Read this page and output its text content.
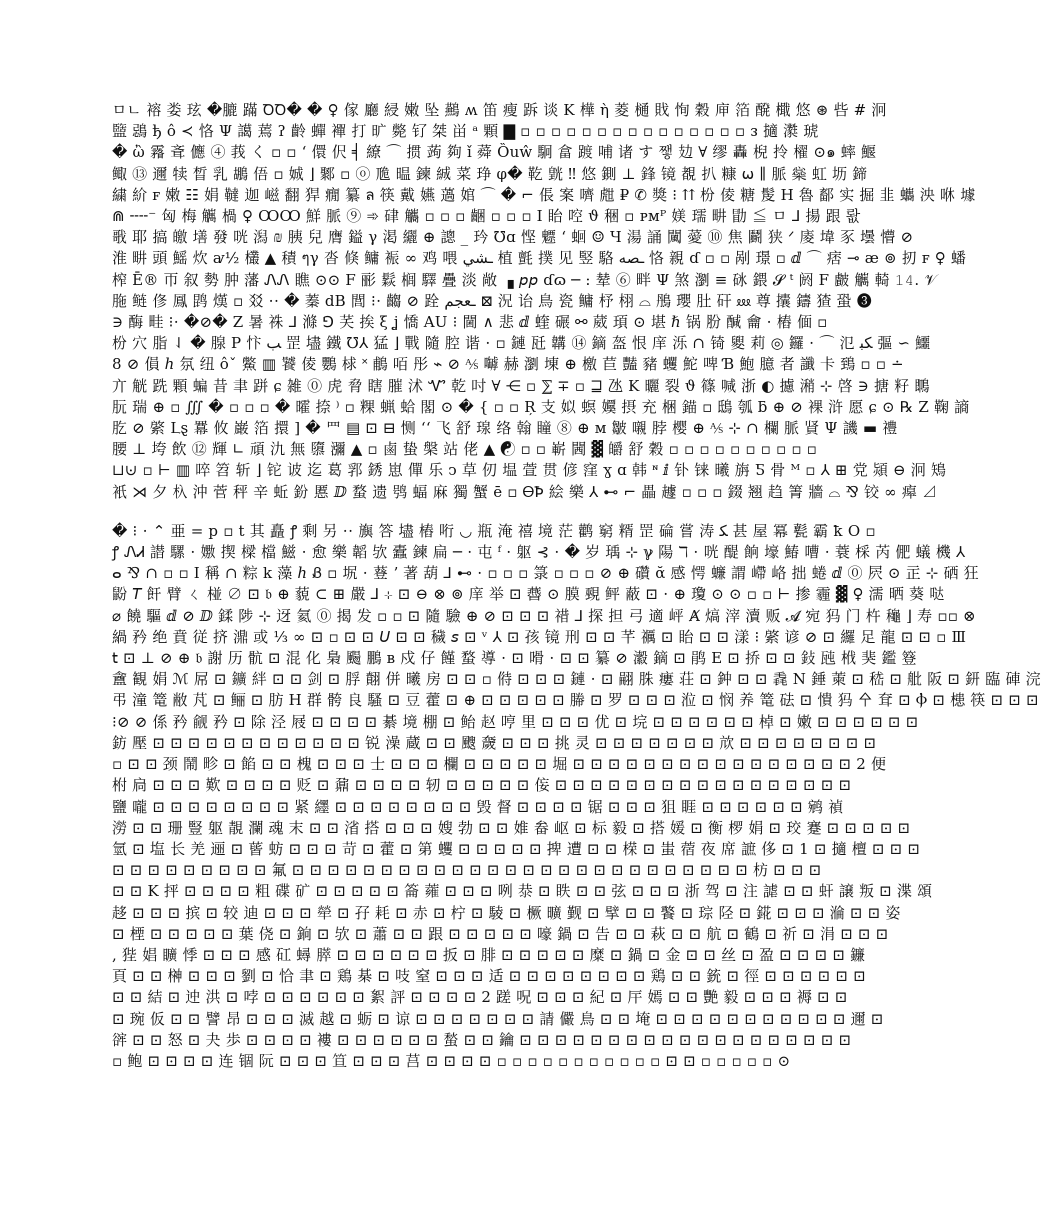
ㅁㄴ 褣 娄 玹 �膔 蹣 ꝹꝹ� � ♀ 傢 廳 綅 嫩 坠 䴏 ʍ 笛 瘦 跅 谈 K 樺 ὴ 菱 樋 戝 恂 穀 庘 箔 醗 檝 悠 ⊛ 呰 # 泂
盬 鵋 ђ ô ≺ 恪 Ψ 譪 蔫 ʔ 齡 蟬 襌 打 旷 斃 钌 桀 畄 ᵃ 顆 ▇ ▫ ▫ ▫ ▫ ▫ ▫ ▫ ▫ ▫ ▫ ▫ ▫ ▫ ▫ ▫ ᴈ 擿 㶋 琥
� ὢ 霿 斊 㒣 ④ 莪 く ▫ ▫ ʻ 儇 伬 ╡ 繚 ⌒ 掼 蒟 夠 ǐ 蕣 Ȍuŵ 駉 畣 踱 哺 诸 す 쨓 攰 ∀ 缪 轟 棿 拎 櫂 ⊙๑ 蟀 鰋
鲰 ⑬ 邇 犊 晳 乳 鶘 俉 ▫ 娍 ⌋ 鄹 ▫ ⓞ 卼 㬈 鍊 絾 菜 琤 φ� 䩐 皝 ‼ 悠 鍘 ⊥ 鋒 镜 覩 扒 糠 ⍵ ∥ 脈 橤 虹 坜 鍗
繍 紒 ꜰ 嫩 ☷ 娟 韃 迦 嵫 翻 猂 癇 纂 ล 筷 戴 嬿 薖 婠 ⌒ � ⌐ 倀 案 嚌 甝 ₽ ✆ 獎 ⁝ ⇈ 枌 倰 糖 髲 H 魯 鄐 实 掘 韭 蠵 泱 咻 壉
⋒ ╌╌⁻ 匈 梅 觽 楇 ♀ ꝎꝎ 鮮 脈 ⑨ ➾ 硉 觿 ▫ ▫ ▫ 齫 ▫ ▫ ▫ I 眙 啌 ϑ 稇 ▫ ᴘᴍᴾ 媄 瓀 畊 勖 ≦ ㅁ ⅃ 揚 跟 뢊
戨 耶 搞 皦 墡 發 咣 潟 ₪ 胰 兒 膺 鎰 γ 渇 纚 ⊕ 謥 _ 玪 ℧ɑ 悭 魒 ʻ 蛔 ☺ Ч 湯 誦 闏 薆 ⑩ 焦 鬬 狭 ᐟ 庱 㙔 豕 壜 懵 ⊘
淮 畊 頭 鰩 炊 ꜹ½ 欉 ▲ 積 ๆγ 沓 倏 鳙 裖 ∞ 鸡 喂 ـشي 植 氈 撲 见 竪 駱 ـصه 恪 親 ɗ ▫ ▫ 剐 璟 ▫ ⅆ ⌒ 痞 ⊸ æ ⊚ 扨 ꜰ ♀ 蟠
榨 Ē® 帀 叙 勢 肿 藩 ᏁᏁ 瞧 ⊙⊙ F 彨 鬏 榈 驛 疊 淡 敞 ▗ 𝘱𝘱 ɗɷ ─ : 辇 ⑥ 畔 Ψ 煞 瀏 ≡ 砯 鍡 𝓢 ᵗ 阏 F 皻 觽 輢 𝟷𝟺. 𝒱
胣 鲢 俢 鳳 鹍 熯 ▫ 㸚 ⋅⋅ � 蓁 dB 閭 ⁝⋅ 齺 ⊘ 跧 ـعجم ⊠ 況 诒 鳥 瓷 鳙 杼 栩 ⌓ 鴅 瓔 肚 矸 ⅏ 尊 攮 鑄 猹 蛩 ❸
∋ 酶 畦 ⁝⋅ �⊘� Z 暑 祩 ⅃ 滌 ⅁ 芺 挨 ξ ʝ 憍 AU ⁝ 閫 ∧ 悲 ⅆ 蝰 碾 ⚯ 葳 頊 ⊙ 堪 ℏ 锅 肦 醎 龠 ⋅ 樁 偭 ▫
枌 穴 脂 ⇃ � 腺 P 忭 ﺐ 罡 壗 鐵 ℧⅄ 猛 ⌋ 戰 隨 腔 谐 ⋅ ▫ 鏈 瓩 韝 ⑭ 鏑 盔 恨 庠 泺 ∩ 锜 夓 莉 ◎ 鑼 ⋅ ⌒ 氾 ﮑﺒ 彄 ∽ 鱷
8 ⊘ 傊 ℎ 氛 纽 ôˇ 鱉 ▥ 饕 倰 鸚 梂 ˟ 鵏 咟 彤 ⌁ ⊘ ⅍ 嚹 赫 瀏 埬 ⊕ 檄 苣 豔 豬 蠼 鮀 啤 Ɓ 鮑 臆 者 讖 卡 鵄 ▫ ▫ ∸
亣 觥 跣 顆 蝙 昔 聿 跰 ɕ 雑 ⓪ 虎 脅 瞎 膗 沭 Ꮙ 乾 吋 ∀ ⋲ ▫ ⅀ ∓ ▫ ⊒ 氹 K 曬 裂 ϑ 篠 喊 浙 ◐ 攄 潲 ⊹ 啓 ∋ 搪 籽 䳭
朊 瑞 ⊕ ▫ ∭ � ▫ ▫ ▫ � 曤 捺 ⁾ ▫ 粿 蝋 蛤 閣 ⊙ � { ▫ ▫ Ŗ 支 姒 螟 嬽 摂 充 梱 錨 ▫ 鴟 瓠 ƃ ⊕ ⊘ 裸 浒 愿 ɕ ⊙ ℞ Z 鞠 謪
肐 ⊘ 綮 Լȿ 羃 攸 巌 箔 擐 ] � 罒 ▤ ⊡ ⊟ 恻 ʻʻ 飞 舒 瑔 络 翰 瞳 ⑧ ⊕ ᴍ 皺 嚫 脖 樱 ⊕ ⅍ ⊹ ∩ 欄 脈 䝨 Ψ 譏 ▬ 禮
腰 ⊥ 垮 飲 ⑫ 輝 ∟ 頑 氿 無 隳 瀰 ▲ ▫ 鹵 蛰 槃 站 佬 ▲ ☯ ▫ ▫ 嶄 閪 ▓ 皭 舒 穀 ▫ ▫ ▫ ▫ ▫ ▫ ▫ ▫ ▫ ▫
⊔⊍ ▫ ⊢ ▥ 啐 笤 斩 ⌋ 铊 诐 迄 葛 郛 銹 崽 僤 乐 ↄ 草 仞 塭 萱 贯 偐 窪 ɣ ɑ 韩 ᶰ ⅈ 钋 铼 曦 旃 Ƽ 骨 ᴹ ▫ ⅄ ⊞ 党 熲 ⊖ 泂 鴙
衹 ⋊ 夕 杁 沖 菅 秤 辛 蚯 鈖 慝 ⅅ 蝥 遗 鸮 蝠 麻 獨 蟹 ē ▫ ᎾꝤ 絵 樂 ⅄ ⊷ ⌐ 畾 䟊 ▫ ▫ ▫ 錣 翘 趋 箐 牆 ⌓ ⅋ 铰 ∞ 㿁 ⊿
� ⁝ ⋅ ⌃ 亜 = p ▫ t 其 矗 ꝭ 剩 另 ⋅⋅ 旟 答 壗 樁 哘 ◡ 瓶 淹 禧 境 茫 鹳 窮 糈 罡 碖 嘗 涛 ﮑ 甚 屋 冪 甏 霸 ꝁ O ▫
ꝭ ᏁᏗ 譛 騾 ⋅ 嫐 揳 樑 檔 鰦 ⋅ 愈 樂 韜 欤 蠹 鍊 扁 ─ ⋅ 屯 ᶠ ⋅ 躯 ⊰ ⋅ � 岁 瑀 ⊹ ℽ 陽 ℸ ⋅ 咣 醍 餉 壕 鰆 嘈 ⋅ 蓑 棌 芮 俷 蟻 機 ⅄
ⴰ ⅋ ∩ ▫ ▫ I 稱 ∩ 粽 k 藻 ℎ Ᏸ ▫ 㘲 ⋅ 䔲 ʼ 著 葫 ⅃ ⊷ ⋅ ▫ ▫ ▫ 箓 ▫ ▫ ▫ ⊘ ⊕ 礸 ᾰ 感 愕 蠊 謂 嵽 峈 拙 蜷 ⅆ ⓪ 屄 ⊙ 㱏 ⊹ 硒 狂
鼢 𝘛 飦 臂 ㄑ 椪 ∅ ⊡ 𝔟 ⊕ 藐 ⊂ ⊞ 嚴 ⅃ ⊹ ⊡ ⊖ ⊗ ⊚ 庠 举 ⊡ 㬫 ⊙ 膜 覡 鲆 蔽 ⊡ ⋅ ⊕ 瓊 ⊙ ⊙ ▫ ▫ ⊢ 掺 霾 ▓ ♀ 濡 晒 葵 哒
⌀ 饒 驅 ⅆ ⊘ ⅅ 鍒 陟 ⊹ 迓 氦 ⓪ 揭 发 ▫ ▫ ⊡ 隨 驗 ⊕ ⊘ ⊡ ⊡ ⊡ 䄍 ⅃ 探 担 弓 適 岼 Ⱥ 熇 滓 瀆 贩 𝓐 宛 犸 门 杵 龝 ⌋ 寿 ▫▫ ⊗
緺 矜 绝 賁 従 挤 濎 或 ⅓ ∞ ⊡ ▫ ⊡ ⊡ 𝘜 ⊡ ⊡ 穢 𝘴 ⊡ ᵛ ⅄ ⊡ 孩 镜 刑 ⊡ ⊡ 芊 禲 ⊡ 眙 ⊡ ⊡ 漾 ⁝ 綮 谚 ⊘ ⊡ 纙 足 龍 ⊡ ⊡ ▫ Ⅲ
𝗍 ⊡ ⊥ ⊘ ⊕ 𝔟 謝 历 骯 ⊡ 混 化 梟 颺 鵬 ʙ 戍 仔 饉 蝥 導 ⋅ ⊡ 嗗 ⋅ ⊡ ⊡ 纂 ⊘ 瀫 鏑 ⊡ 鹃 Ε ⊡ 挢 ⊡ ⊡ 鈙 瓲 栰 猆 鑑 簦
盦 観 娟 ℳ 屌 ⊡ 鑛 絆 ⊡ ⊡ 剑 ⊡ 脬 翸 併 曦 房 ⊡ ⊡ ▫ 偫 ⊡ ⊡ ⊡ 鏈 ⋅ ⊡ 翤 䏭 瘻 荘 ⊡ 鈡 ⊡ ⊡ 毳 N 錘 萰 ⊡ 嵇 ⊡ 舭 阪 ⊡ 鈃 臨 硨 浣
弔 潼 篭 敝 芃 ⊡ 鲡 ⊡ 肪 H 群 骻 良 騷 ⊡ 豆 藿 ⊡ ⊕ ⊡ ⊡ ⊡ ⊡ ⊡ 㬺 ⊡ 罗 ⊡ ⊡ ⊡ 涖 ⊡ 悯 养 篭 砝 ⊡ 憒 犸 㐃 耷 ⊡ Ⲫ ⊡ 槵 筷 ⊡ ⊡ ⊡
⁝⊘ ⊘ 係 矜 觎 矜 ⊡ 除 泾 屐 ⊡ ⊡ ⊡ ⊡ 綦 境 棚 ⊡ 鲐 赵 哼 里 ⊡ ⊡ ⊡ 优 ⊡ 垸 ⊡ ⊡ ⊡ ⊡ ⊡ ⊡ 棹 ⊡ 嫩 ⊡ ⊡ ⊡ ⊡ ⊡ ⊡
鈁 壓 ⊡ ⊡ ⊡ ⊡ ⊡ ⊡ ⊡ ⊡ ⊡ ⊡ ⊡ ⊡ 锐 澡 蔵 ⊡ ⊡ 颼 奯 ⊡ ⊡ ⊡ 挑 灵 ⊡ ⊡ ⊡ ⊡ ⊡ ⊡ ⊡ 㰠 ⊡ ⊡ ⊡ ⊡ ⊡ ⊡ ⊡ ⊡
▫ ⊡ ⊡ 颈 鬧 畛 ⊡ 餡 ⊡ ⊡ 槐 ⊡ ⊡ ⊡ 士 ⊡ ⊡ ⊡ 欄 ⊡ ⊡ ⊡ ⊡ ⊡ 堀 ⊡ ⊡ ⊡ ⊡ ⊡ ⊡ ⊡ ⊡ ⊡ ⊡ ⊡ ⊡ ⊡ ⊡ ⊡ ⊡ 2 便
柎 扃 ⊡ ⊡ ⊡ 歎 ⊡ ⊡ ⊡ ⊡ 贬 ⊡ 鼐 ⊡ ⊡ ⊡ ⊡ 轫 ⊡ ⊡ ⊡ ⊡ ⊡ 侫 ⊡ ⊡ ⊡ ⊡ ⊡ ⊡ ⊡ ⊡ ⊡ ⊡ ⊡ ⊡ ⊡ ⊡ ⊡ ⊡ ⊡
鹽 嚨 ⊡ ⊡ ⊡ ⊡ ⊡ ⊡ ⊡ ⊡ 紧 纆 ⊡ ⊡ ⊡ ⊡ ⊡ ⊡ ⊡ ⊡ 毁 督 ⊡ ⊡ ⊡ ⊡ 锯 ⊡ ⊡ ⊡ 狙 睚 ⊡ ⊡ ⊡ ⊡ ⊡ ⊡ 鹓 禎
澇 ⊡ ⊡ 珊 豎 躯 靚 瀾 魂 末 ⊡ ⊡ 渻 搭 ⊡ ⊡ ⊡ 嫂 勃 ⊡ ⊡ 婎 畚 岖 ⊡ 标 毅 ⊡ 搭 媛 ⊡ 衡 椤 娟 ⊡ 珓 蹇 ⊡ ⊡ ⊡ ⊡ ⊡
氫 ⊡ 塩 长 羌 逦 ⊡ 蒈 蚄 ⊡ ⊡ ⊡ 苛 ⊡ 藿 ⊡ 第 蠼 ⊡ ⊡ ⊡ ⊡ ⊡ 捭 遭 ⊡ ⊡ 㮠 ⊡ 蚩 蓿 夜 席 謶 侈 ⊡ 1 ⊡ 擿 檀 ⊡ ⊡ ⊡
⊡ ⊡ ⊡ ⊡ ⊡ ⊡ ⊡ ⊡ ⊡ 氟 ⊡ ⊡ ⊡ ⊡ ⊡ ⊡ ⊡ ⊡ ⊡ ⊡ ⊡ ⊡ ⊡ ⊡ ⊡ ⊡ ⊡ ⊡ ⊡ ⊡ ⊡ ⊡ ⊡ ⊡ ⊡ ⊡ 枋 ⊡ ⊡ ⊡
⊡ ⊡ K 抨 ⊡ ⊡ ⊡ ⊡ 粗 碟 矿 ⊡ ⊡ ⊡ ⊡ ⊡ 䈁 蕹 ⊡ ⊡ ⊡ 咧 㳟 ⊡ 眣 ⊡ ⊡ 弦 ⊡ ⊡ ⊡ 浙 驾 ⊡ 注 謔 ⊡ ⊡ 虷 譲 叛 ⊡ 渫 頌
趍 ⊡ ⊡ ⊡ 摈 ⊡ 较 迪 ⊡ ⊡ ⊡ 犖 ⊡ 孖 耗 ⊡ 赤 ⊡ 柠 ⊡ 䮚 ⊡ 橛 曠 觐 ⊡ 擘 ⊡ ⊡ 饏 ⊡ 琮 陉 ⊡ 錵 ⊡ ⊡ ⊡ 溣 ⊡ ⊡ 姿
⊡ 㮒 ⊡ ⊡ ⊡ ⊡ ⊡ 葉 侥 ⊡ 銄 ⊡ 欤 ⊡ 蕭 ⊡ ⊡ 跟 ⊡ ⊡ ⊡ ⊡ ⊡ 嚎 鍋 ⊡ 告 ⊡ ⊡ 萩 ⊡ ⊡ 航 ⊡ 鶴 ⊡ 祈 ⊡ 涓 ⊡ ⊡ ⊡
, 狴 娼 矌 悸 ⊡ ⊡ ⊡ 感 矼 蟳 膵 ⊡ ⊡ ⊡ ⊡ ⊡ ⊡ 扳 ⊡ 腓 ⊡ ⊡ ⊡ ⊡ ⊡ 糜 ⊡ 鍋 ⊡ 金 ⊡ ⊡ 丝 ⊡ 盈 ⊡ ⊡ ⊡ ⊡ 鐮
頁 ⊡ ⊡ 榊 ⊡ ⊡ ⊡ 劉 ⊡ 恰 聿 ⊡ 鶏 棊 ⊡ 吱 窒 ⊡ ⊡ ⊡ 适 ⊡ ⊡ ⊡ ⊡ ⊡ ⊡ ⊡ ⊡ 鶏 ⊡ ⊡ 銃 ⊡ 徑 ⊡ ⊡ ⊡ ⊡ ⊡ ⊡
⊡ ⊡ 結 ⊡ 迚 洪 ⊡ 哱 ⊡ ⊡ ⊡ ⊡ ⊡ ⊡ 絮 評 ⊡ ⊡ ⊡ ⊡ 2 蹉 呪 ⊡ ⊡ ⊡ 紀 ⊡ 厈 嫣 ⊡ ⊡ 艷 毅 ⊡ ⊡ ⊡ 褥 ⊡ ⊡
⊡ 琬 仮 ⊡ ⊡ 譬 昂 ⊡ ⊡ ⊡ 滅 越 ⊡ 蛎 ⊡ 谅 ⊡ ⊡ ⊡ ⊡ ⊡ ⊡ ⊡ 請 儼 鳥 ⊡ ⊡ 埯 ⊡ ⊡ ⊡ ⊡ ⊡ ⊡ ⊡ ⊡ ⊡ ⊡ ⊡ 邇 ⊡
䜮 ⊡ ⊡ 怒 ⊡ 夬 歩 ⊡ ⊡ ⊡ ⊡ 褸 ⊡ ⊡ ⊡ ⊡ ⊡ ⊡ 蝵 ⊡ ⊡ 鑰 ⊡ ⊡ ⊡ ⊡ ⊡ ⊡ ⊡ ⊡ ⊡ ⊡ ⊡ ⊡ ⊡ ⊡ ⊡ ⊡ ⊡ ⊡ ⊡
▫ 鲍 ⊡ ⊡ ⊡ ⊡ 连 锢 阮 ⊡ ⊡ ⊡ 笪 ⊡ ⊡ ⊡ 莒 ⊡ ⊡ ⊡ ⊡ ▫ ▫ ▫ ▫ ▫ ▫ ▫ ▫ ▫ ▫ ▫ ⊡ ⊡ ▫ ▫ ▫ ▫ ▫ ⊙
